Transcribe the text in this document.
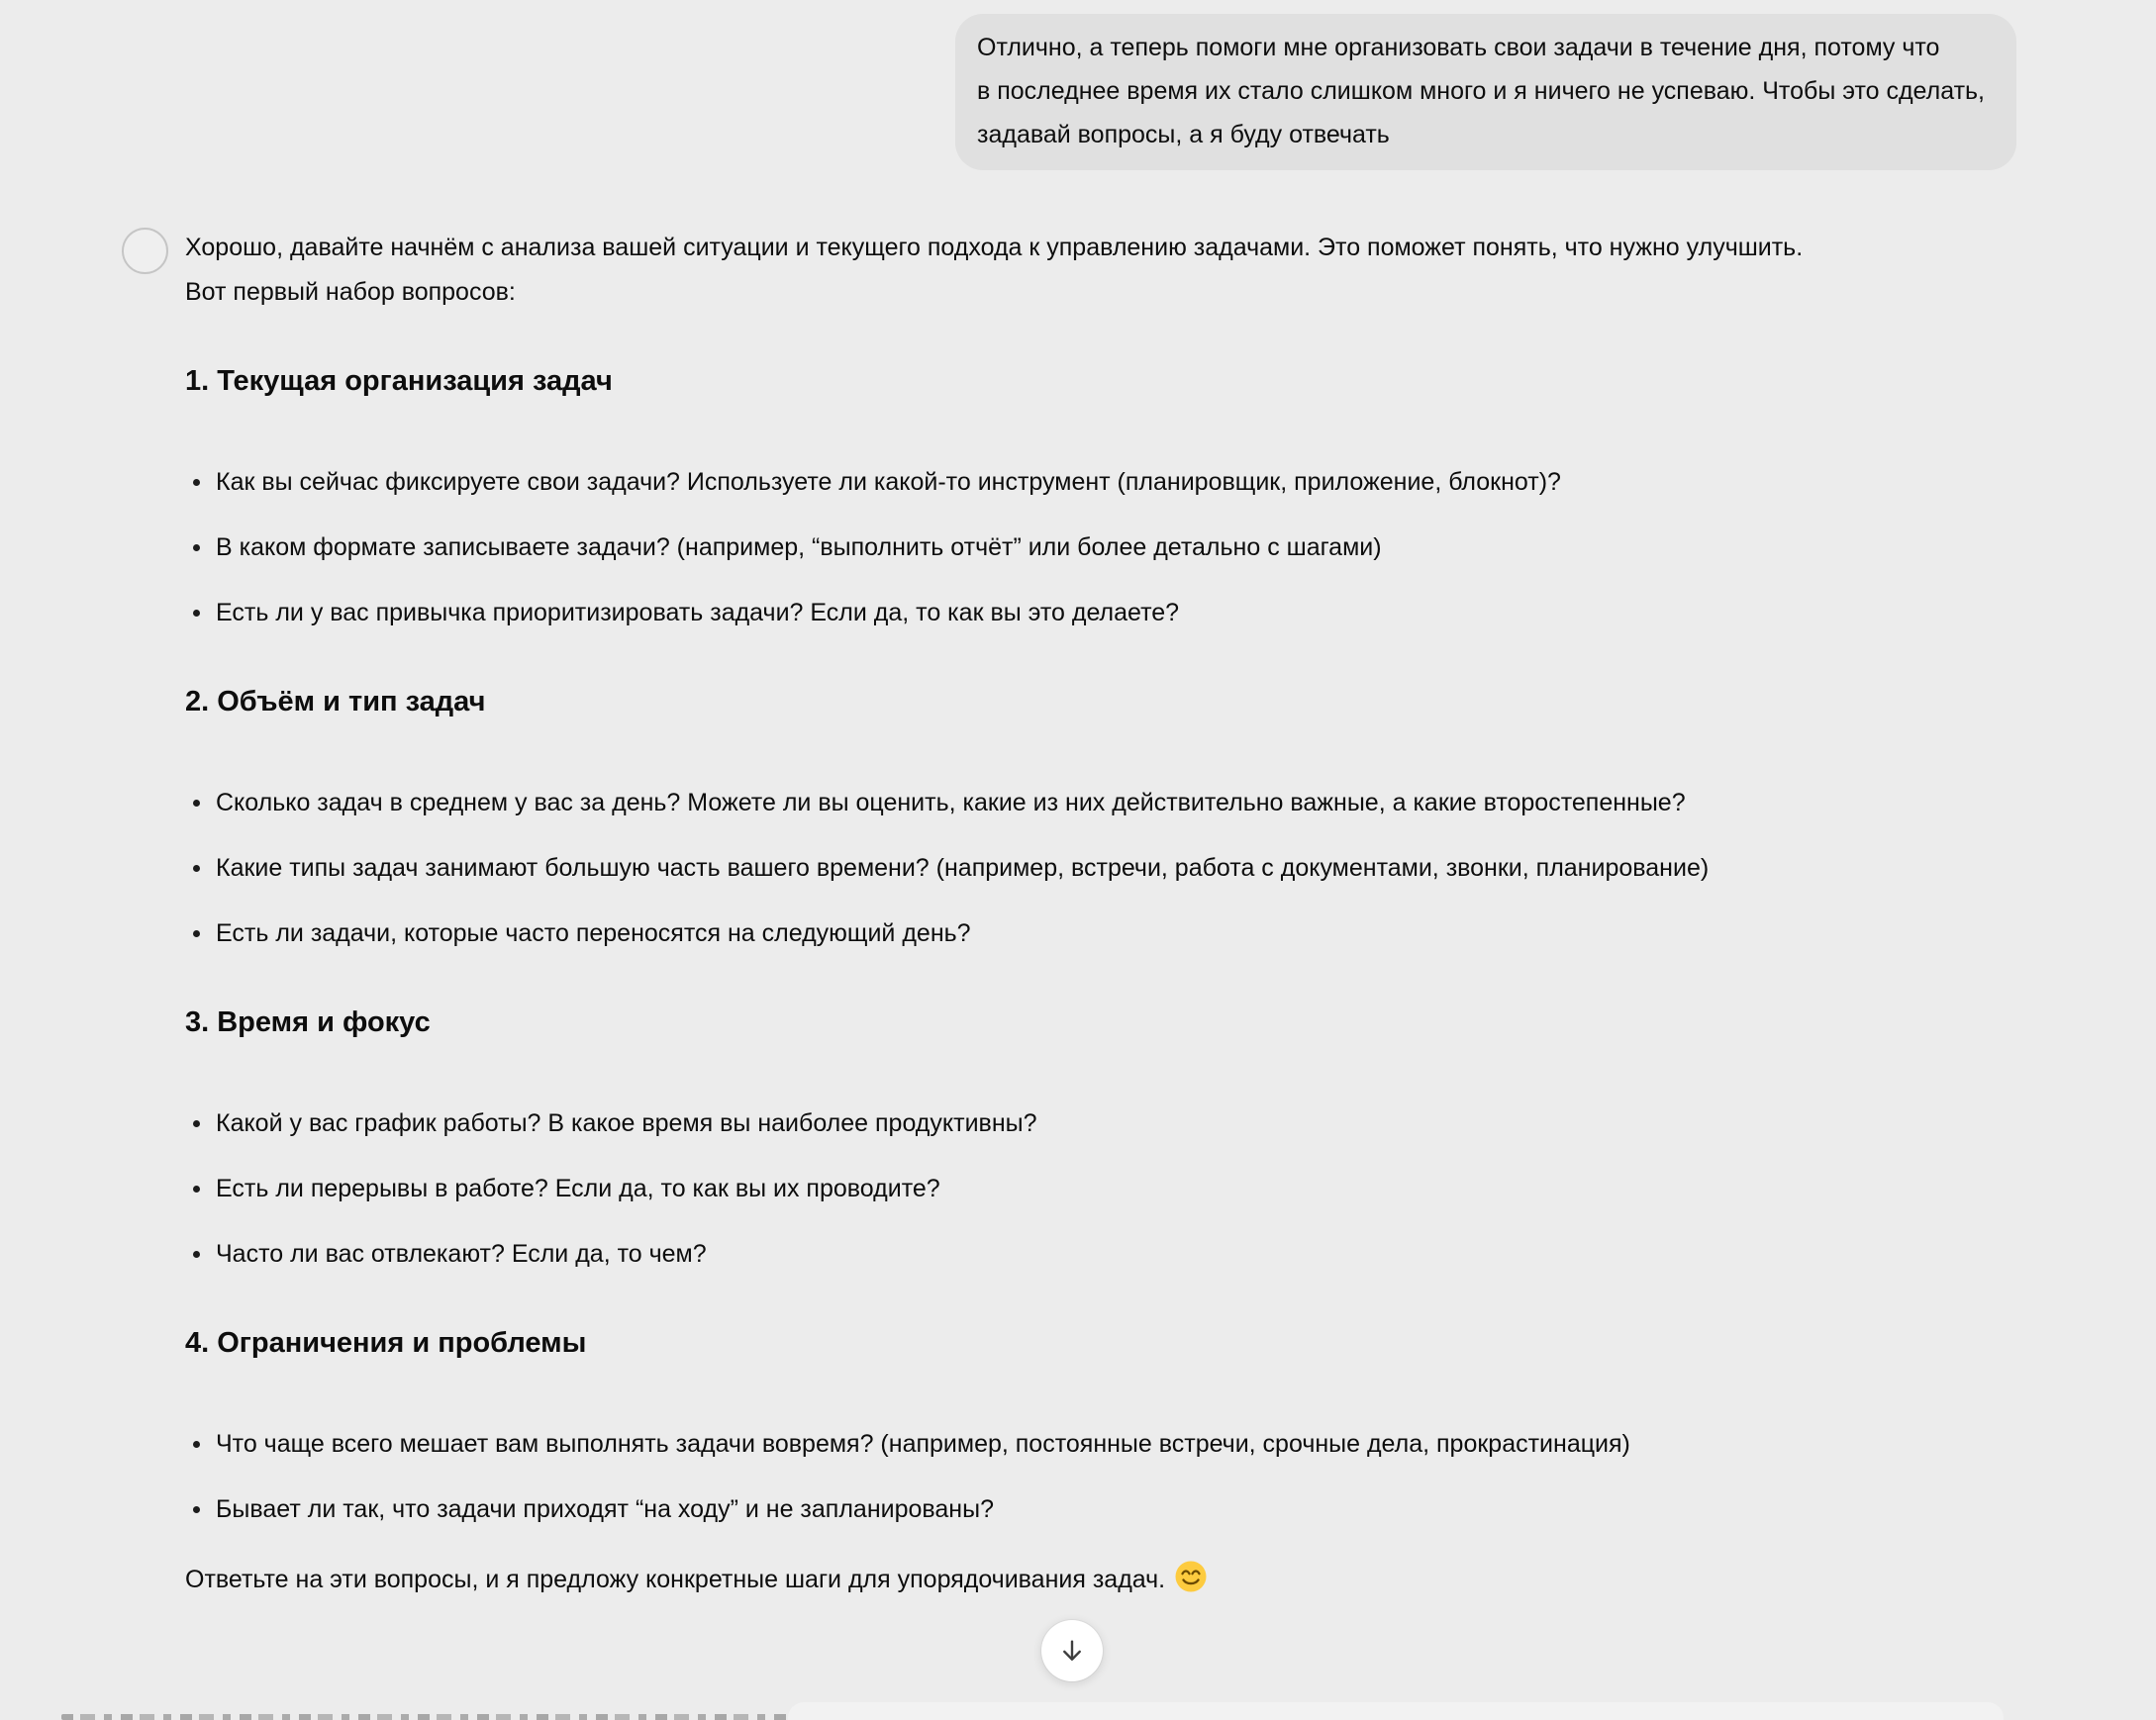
Отлично, а теперь помоги мне организовать свои задачи в течение дня, потому что
в последнее время их стало слишком много и я ничего не успеваю. Чтобы это сделать,
задавай вопросы, а я буду отвечать
Хорошо, давайте начнём с анализа вашей ситуации и текущего подхода к управлению задачами. Это поможет понять, что нужно улучшить.
Вот первый набор вопросов:
1. Текущая организация задач
Как вы сейчас фиксируете свои задачи? Используете ли какой-то инструмент (планировщик, приложение, блокнот)?
В каком формате записываете задачи? (например, “выполнить отчёт” или более детально с шагами)
Есть ли у вас привычка приоритизировать задачи? Если да, то как вы это делаете?
2. Объём и тип задач
Сколько задач в среднем у вас за день? Можете ли вы оценить, какие из них действительно важные, а какие второстепенные?
Какие типы задач занимают большую часть вашего времени? (например, встречи, работа с документами, звонки, планирование)
Есть ли задачи, которые часто переносятся на следующий день?
3. Время и фокус
Какой у вас график работы? В какое время вы наиболее продуктивны?
Есть ли перерывы в работе? Если да, то как вы их проводите?
Часто ли вас отвлекают? Если да, то чем?
4. Ограничения и проблемы
Что чаще всего мешает вам выполнять задачи вовремя? (например, постоянные встречи, срочные дела, прокрастинация)
Бывает ли так, что задачи приходят “на ходу” и не запланированы?
Ответьте на эти вопросы, и я предложу конкретные шаги для упорядочивания задач.
